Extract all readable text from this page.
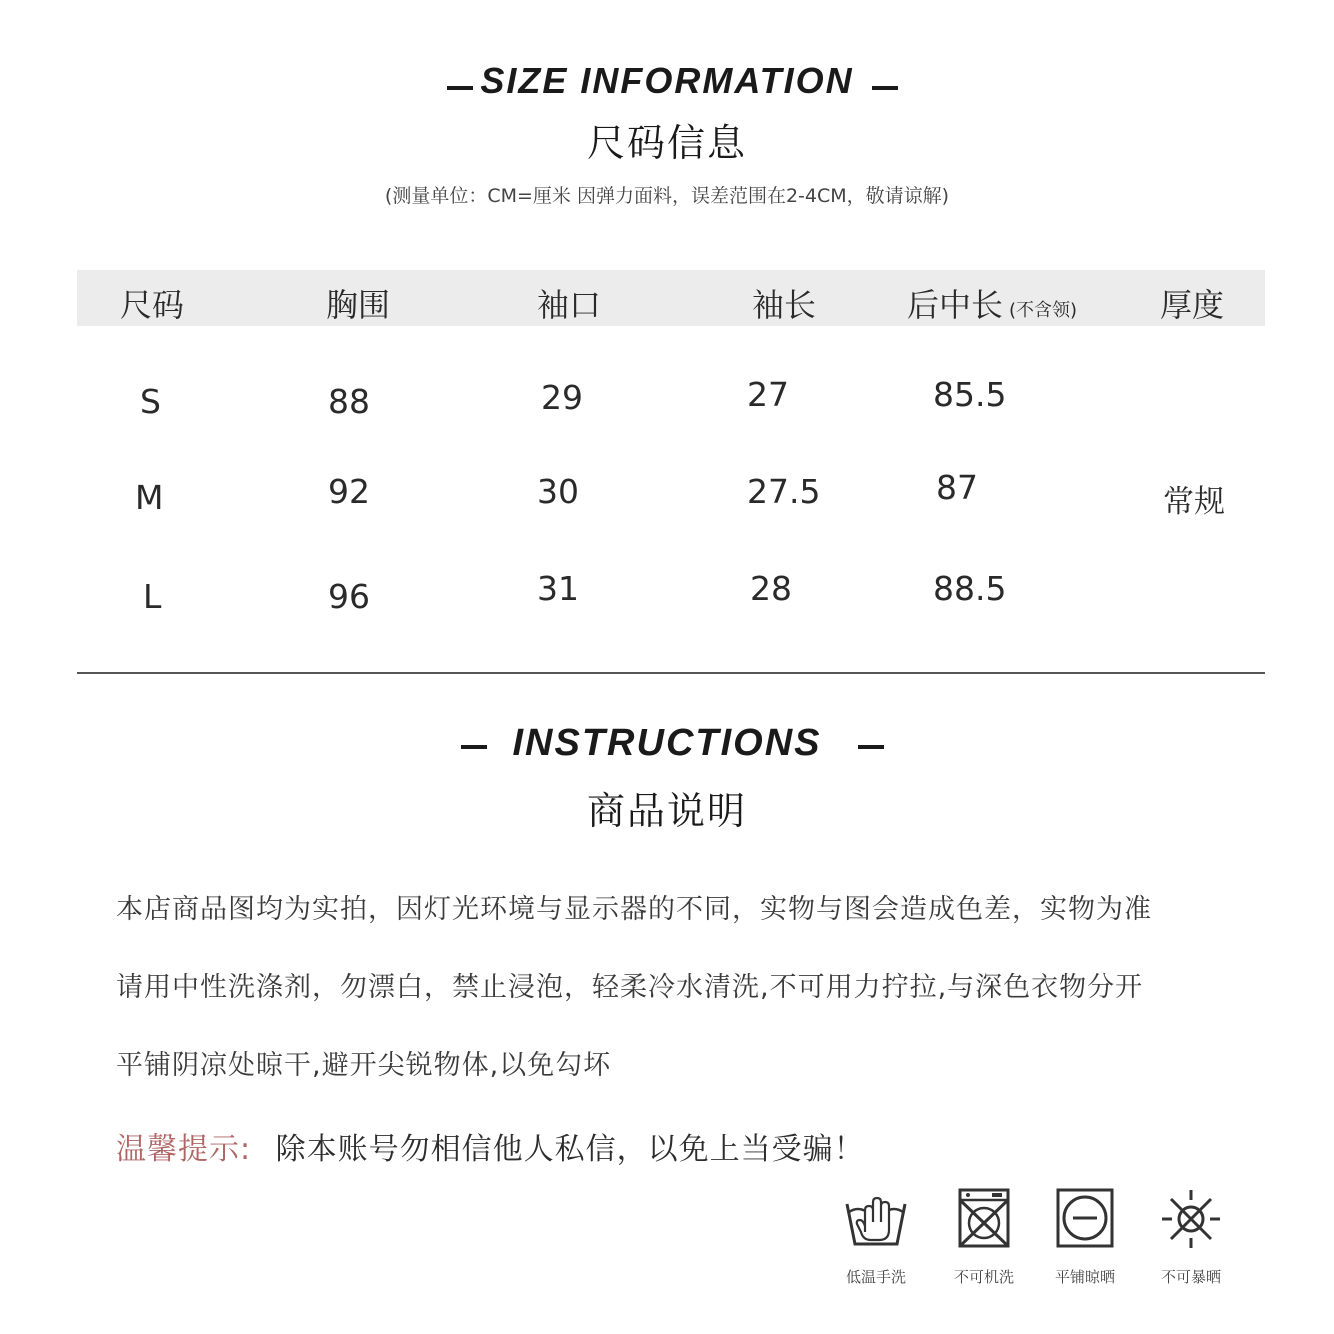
SIZE INFORMATION
尺码信息
(测量单位：CM=厘米 因弹力面料，误差范围在2-4CM，敬请谅解)
尺码	胸围	袖口	袖长	后中长 (不含领)	厚度
S	88	29	27	85.5
M	92	30	27.5	87	常规
L	96	31	28	88.5
INSTRUCTIONS
商品说明
本店商品图均为实拍，因灯光环境与显示器的不同，实物与图会造成色差，实物为准
请用中性洗涤剂，勿漂白，禁止浸泡，轻柔冷水清洗,不可用力拧拉,与深色衣物分开
平铺阴凉处晾干,避开尖锐物体,以免勾坏
温馨提示: 除本账号勿相信他人私信，以免上当受骗！
低温手洗	不可机洗	平铺晾晒	不可暴晒
